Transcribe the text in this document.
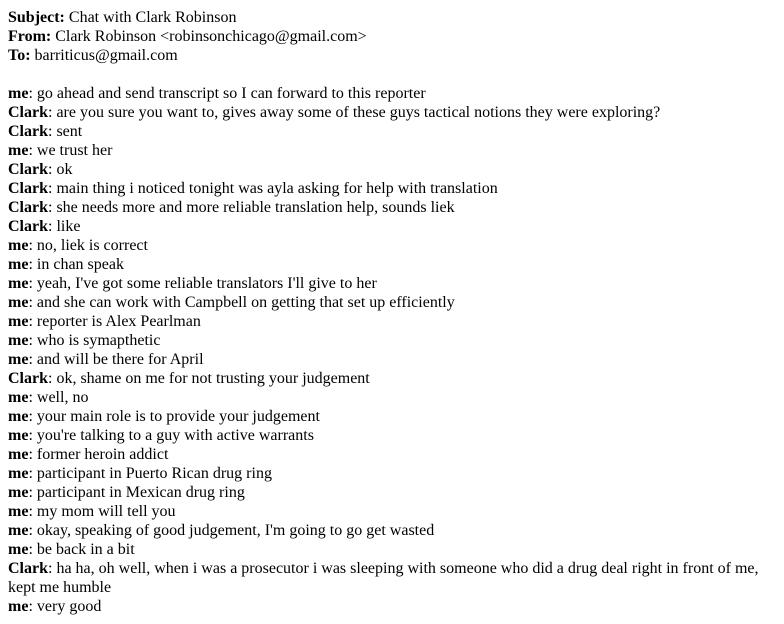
Subject: Chat with Clark Robinson
From: Clark Robinson <robinsonchicago@gmail.com>
To: barriticus@gmail.com
me: go ahead and send transcript so I can forward to this reporter
Clark: are you sure you want to, gives away some of these guys tactical notions they were exploring?
Clark: sent
me: we trust her
Clark: ok
Clark: main thing i noticed tonight was ayla asking for help with translation
Clark: she needs more and more reliable translation help, sounds liek
Clark: like
me: no, liek is correct
me: in chan speak
me: yeah, I've got some reliable translators I'll give to her
me: and she can work with Campbell on getting that set up efficiently
me: reporter is Alex Pearlman
me: who is symapthetic
me: and will be there for April
Clark: ok, shame on me for not trusting your judgement
me: well, no
me: your main role is to provide your judgement
me: you're talking to a guy with active warrants
me: former heroin addict
me: participant in Puerto Rican drug ring
me: participant in Mexican drug ring
me: my mom will tell you
me: okay, speaking of good judgement, I'm going to go get wasted
me: be back in a bit
Clark: ha ha, oh well, when i was a prosecutor i was sleeping with someone who did a drug deal right in front of me, kept me humble
me: very good
